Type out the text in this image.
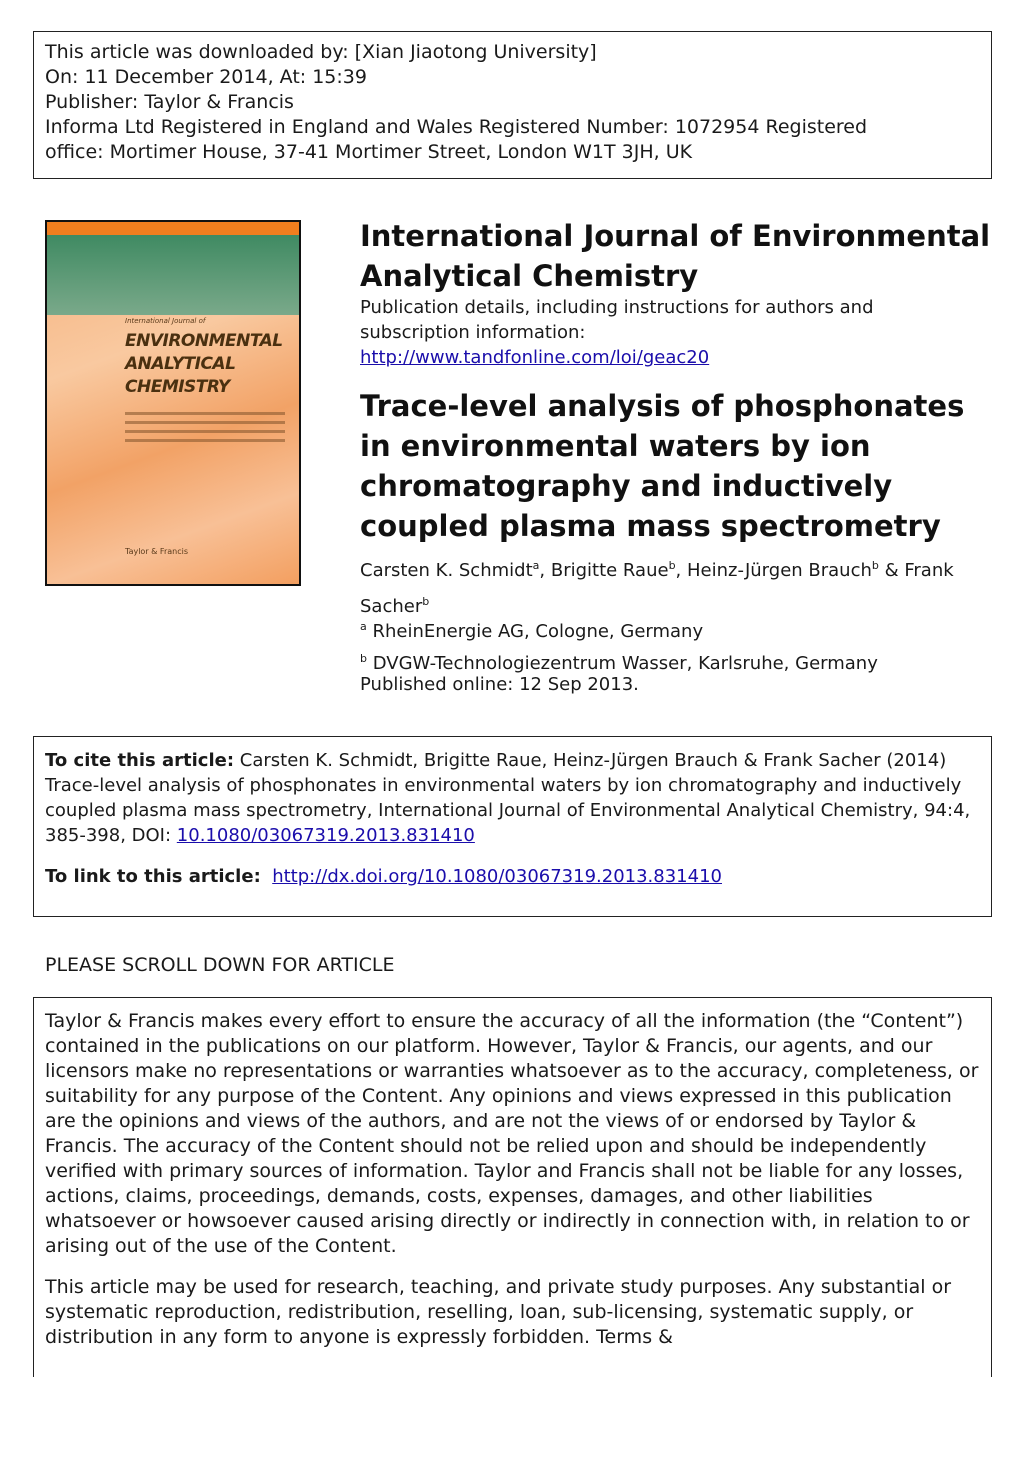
This article was downloaded by: [Xian Jiaotong University]
On: 11 December 2014, At: 15:39
Publisher: Taylor & Francis
Informa Ltd Registered in England and Wales Registered Number: 1072954 Registered
office: Mortimer House, 37-41 Mortimer Street, London W1T 3JH, UK
International Journal of
ENVIRONMENTAL
ANALYTICAL
CHEMISTRY
Taylor & Francis
International Journal of Environmental Analytical Chemistry
Publication details, including instructions for authors and subscription information:
http://www.tandfonline.com/loi/geac20
Trace-level analysis of phosphonates in environmental waters by ion chromatography and inductively coupled plasma mass spectrometry
Carsten K. Schmidt$^a$, Brigitte Raue$^b$, Heinz-Jürgen Brauch$^b$ & Frank Sacher$^b$
$^a$ RheinEnergie AG, Cologne, Germany
$^b$ DVGW-Technologiezentrum Wasser, Karlsruhe, Germany
Published online: 12 Sep 2013.
To cite this article: Carsten K. Schmidt, Brigitte Raue, Heinz-Jürgen Brauch & Frank Sacher (2014) Trace-level analysis of phosphonates in environmental waters by ion chromatography and inductively coupled plasma mass spectrometry, International Journal of Environmental Analytical Chemistry, 94:4, 385-398, DOI: 10.1080/03067319.2013.831410
To link to this article: http://dx.doi.org/10.1080/03067319.2013.831410
PLEASE SCROLL DOWN FOR ARTICLE

Taylor & Francis makes every effort to ensure the accuracy of all the information (the “Content”) contained in the publications on our platform. However, Taylor & Francis, our agents, and our licensors make no representations or warranties whatsoever as to the accuracy, completeness, or suitability for any purpose of the Content. Any opinions and views expressed in this publication are the opinions and views of the authors, and are not the views of or endorsed by Taylor & Francis. The accuracy of the Content should not be relied upon and should be independently verified with primary sources of information. Taylor and Francis shall not be liable for any losses, actions, claims, proceedings, demands, costs, expenses, damages, and other liabilities whatsoever or howsoever caused arising directly or indirectly in connection with, in relation to or arising out of the use of the Content.

This article may be used for research, teaching, and private study purposes. Any substantial or systematic reproduction, redistribution, reselling, loan, sub-licensing, systematic supply, or distribution in any form to anyone is expressly forbidden. Terms &
